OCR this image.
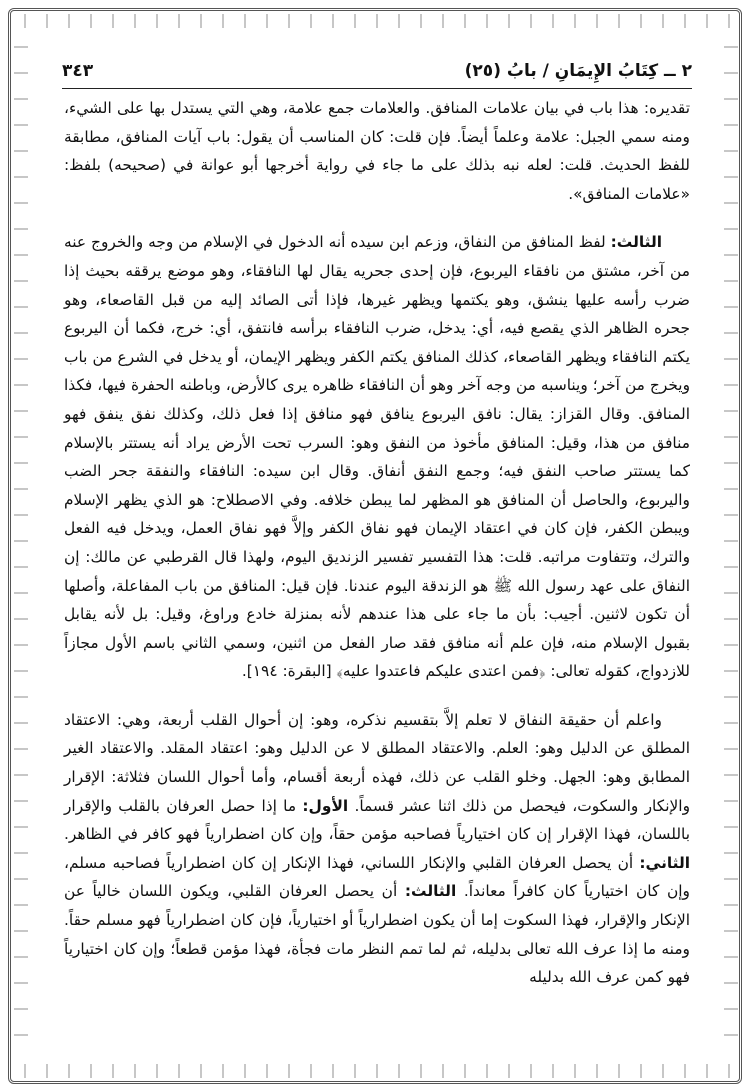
٢ ــ كِتَابُ الإِيمَانِ / بابُ (٢٥)
٣٤٣

تقديره: هذا باب في بيان علامات المنافق. والعلامات جمع علامة، وهي التي يستدل بها على الشيء، ومنه سمي الجبل: علامة وعلماً أيضاً. فإن قلت: كان المناسب أن يقول: باب آيات المنافق، مطابقة للفظ الحديث. قلت: لعله نبه بذلك على ما جاء في رواية أخرجها أبو عوانة في (صحيحه) بلفظ: «علامات المنافق».

الثالث: لفظ المنافق من النفاق، وزعم ابن سيده أنه الدخول في الإسلام من وجه والخروج عنه من آخر، مشتق من نافقاء اليربوع، فإن إحدى جحريه يقال لها النافقاء، وهو موضع يرققه بحيث إذا ضرب رأسه عليها ينشق، وهو يكتمها ويظهر غيرها، فإذا أتى الصائد إليه من قبل القاصعاء، وهو جحره الظاهر الذي يقصع فيه، أي: يدخل، ضرب النافقاء برأسه فانتفق، أي: خرج، فكما أن اليربوع يكتم النافقاء ويظهر القاصعاء، كذلك المنافق يكتم الكفر ويظهر الإيمان، أو يدخل في الشرع من باب ويخرج من آخر؛ ويناسبه من وجه آخر وهو أن النافقاء ظاهره يرى كالأرض، وباطنه الحفرة فيها، فكذا المنافق. وقال القزاز: يقال: نافق اليربوع ينافق فهو منافق إذا فعل ذلك، وكذلك نفق ينفق فهو منافق من هذا، وقيل: المنافق مأخوذ من النفق وهو: السرب تحت الأرض يراد أنه يستتر بالإسلام كما يستتر صاحب النفق فيه؛ وجمع النفق أنفاق. وقال ابن سيده: النافقاء والنفقة جحر الضب واليربوع، والحاصل أن المنافق هو المظهر لما يبطن خلافه. وفي الاصطلاح: هو الذي يظهر الإسلام ويبطن الكفر، فإن كان في اعتقاد الإيمان فهو نفاق الكفر وإلاَّ فهو نفاق العمل، ويدخل فيه الفعل والترك، وتتفاوت مراتبه. قلت: هذا التفسير تفسير الزنديق اليوم، ولهذا قال القرطبي عن مالك: إن النفاق على عهد رسول الله ﷺ هو الزندقة اليوم عندنا. فإن قيل: المنافق من باب المفاعلة، وأصلها أن تكون لاثنين. أجيب: بأن ما جاء على هذا عندهم لأنه بمنزلة خادع وراوغ، وقيل: بل لأنه يقابل بقبول الإسلام منه، فإن علم أنه منافق فقد صار الفعل من اثنين، وسمي الثاني باسم الأول مجازاً للازدواج، كقوله تعالى: ﴿فمن اعتدى عليكم فاعتدوا عليه﴾ [البقرة: ١٩٤].

واعلم أن حقيقة النفاق لا تعلم إلاَّ بتقسيم نذكره، وهو: إن أحوال القلب أربعة، وهي: الاعتقاد المطلق عن الدليل وهو: العلم. والاعتقاد المطلق لا عن الدليل وهو: اعتقاد المقلد. والاعتقاد الغير المطابق وهو: الجهل. وخلو القلب عن ذلك، فهذه أربعة أقسام، وأما أحوال اللسان فثلاثة: الإقرار والإنكار والسكوت، فيحصل من ذلك اثنا عشر قسماً. الأول: ما إذا حصل العرفان بالقلب والإقرار باللسان، فهذا الإقرار إن كان اختيارياً فصاحبه مؤمن حقاً، وإن كان اضطرارياً فهو كافر في الظاهر. الثاني: أن يحصل العرفان القلبي والإنكار اللساني، فهذا الإنكار إن كان اضطرارياً فصاحبه مسلم، وإن كان اختيارياً كان كافراً معانداً. الثالث: أن يحصل العرفان القلبي، ويكون اللسان خالياً عن الإنكار والإقرار، فهذا السكوت إما أن يكون اضطرارياً أو اختيارياً، فإن كان اضطرارياً فهو مسلم حقاً. ومنه ما إذا عرف الله تعالى بدليله، ثم لما تمم النظر مات فجأة، فهذا مؤمن قطعاً؛ وإن كان اختيارياً فهو كمن عرف الله بدليله
